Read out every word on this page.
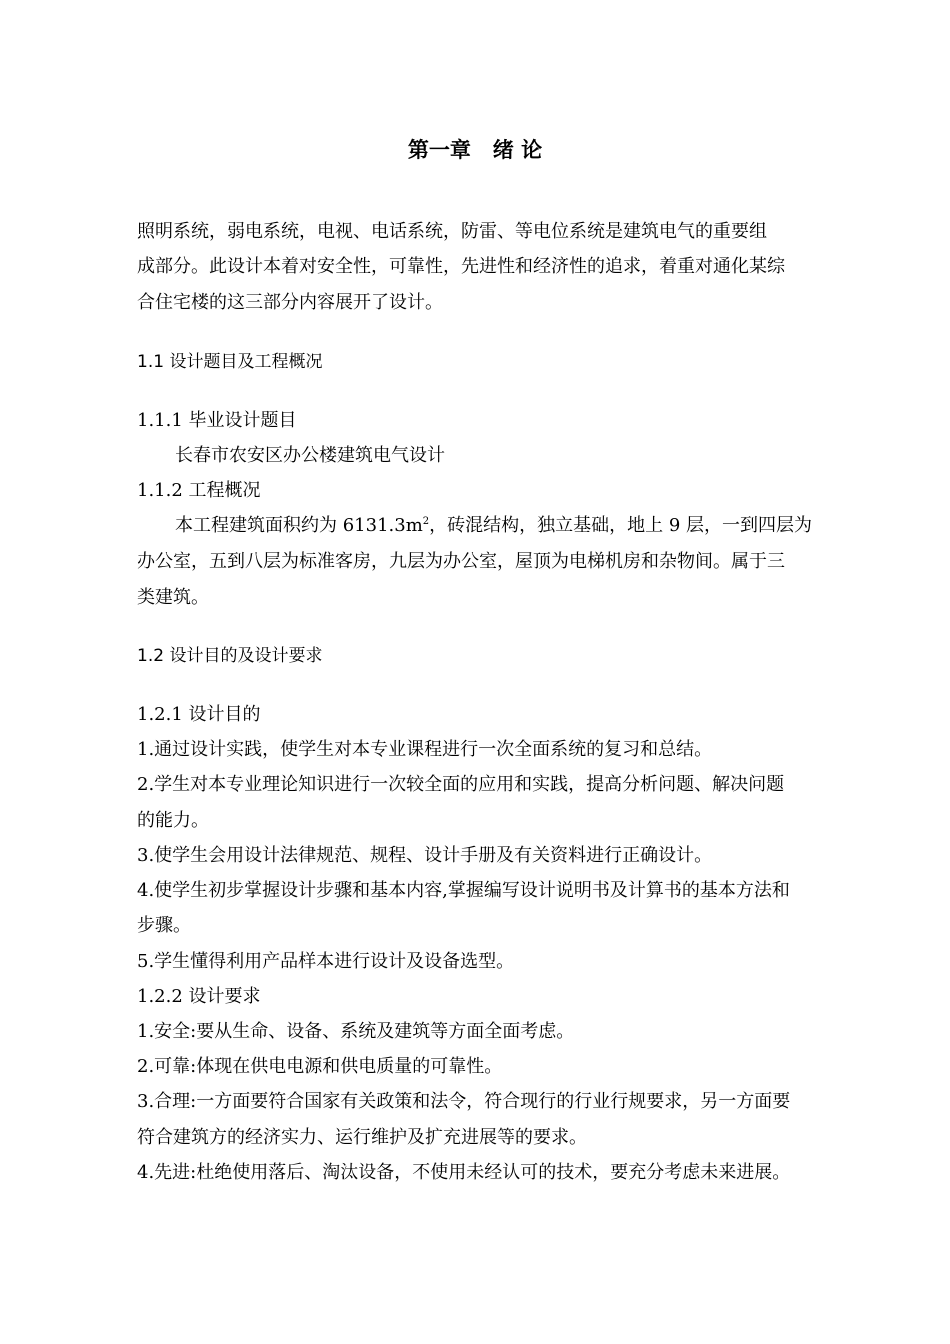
第一章   绪 论
照明系统，弱电系统，电视、电话系统，防雷、等电位系统是建筑电气的重要组
成部分。此设计本着对安全性，可靠性，先进性和经济性的追求，着重对通化某综
合住宅楼的这三部分内容展开了设计。
1.1 设计题目及工程概况
1.1.1 毕业设计题目
长春市农安区办公楼建筑电气设计
1.1.2 工程概况
本工程建筑面积约为 $6131.3m^2$，砖混结构，独立基础，地上 9 层，一到四层为
办公室，五到八层为标准客房，九层为办公室，屋顶为电梯机房和杂物间。属于三
类建筑。
1.2 设计目的及设计要求
1.2.1 设计目的
1.通过设计实践，使学生对本专业课程进行一次全面系统的复习和总结。
2.学生对本专业理论知识进行一次较全面的应用和实践，提高分析问题、解决问题
的能力。
3.使学生会用设计法律规范、规程、设计手册及有关资料进行正确设计。
4.使学生初步掌握设计步骤和基本内容,掌握编写设计说明书及计算书的基本方法和
步骤。
5.学生懂得利用产品样本进行设计及设备选型。
1.2.2 设计要求
1.安全:要从生命、设备、系统及建筑等方面全面考虑。
2.可靠:体现在供电电源和供电质量的可靠性。
3.合理:一方面要符合国家有关政策和法令，符合现行的行业行规要求，另一方面要
符合建筑方的经济实力、运行维护及扩充进展等的要求。
4.先进:杜绝使用落后、淘汰设备，不使用未经认可的技术，要充分考虑未来进展。
